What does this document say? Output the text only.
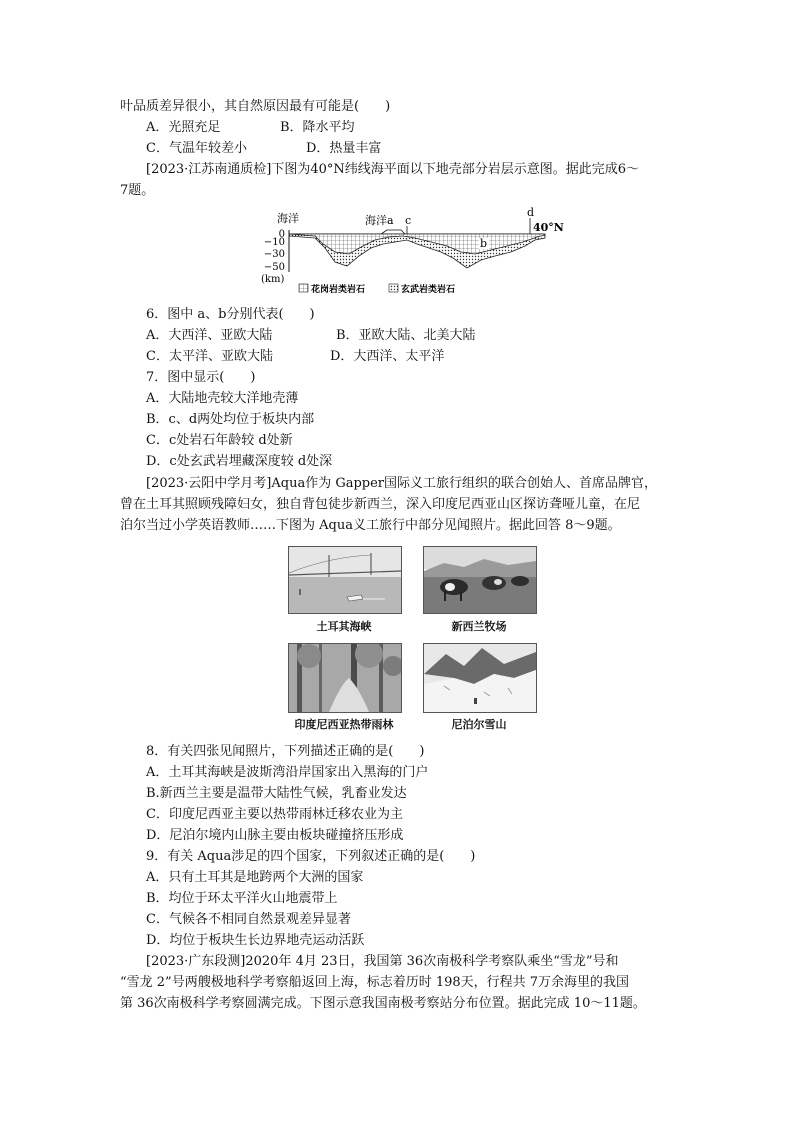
叶品质差异很小，其自然原因最有可能是(　　)
A．光照充足	B．降水平均
C．气温年较差小	D．热量丰富
[2023·江苏南通质检]下图为40°N纬线海平面以下地壳部分岩层示意图。据此完成6～
7题。
0
−10
−30
−50
(km)
海洋	海洋a c
d
b
40°N
花岗岩类岩石	玄武岩类岩石
6．图中 a、b分别代表(　　)
A．大西洋、亚欧大陆	B．亚欧大陆、北美大陆
C．太平洋、亚欧大陆	D．大西洋、太平洋
7．图中显示(　　)
A．大陆地壳较大洋地壳薄
B．c、d两处均位于板块内部
C．c处岩石年龄较 d处新
D．c处玄武岩埋藏深度较 d处深
[2023·云阳中学月考]Aqua作为 Gapper国际义工旅行组织的联合创始人、首席品牌官，
曾在土耳其照顾残障妇女，独自背包徒步新西兰，深入印度尼西亚山区探访聋哑儿童，在尼
泊尔当过小学英语教师……下图为 Aqua义工旅行中部分见闻照片。据此回答 8～9题。
土耳其海峡	新西兰牧场
印度尼西亚热带雨林	尼泊尔雪山
8．有关四张见闻照片，下列描述正确的是(　　)
A．土耳其海峡是波斯湾沿岸国家出入黑海的门户
B.新西兰主要是温带大陆性气候，乳畜业发达
C．印度尼西亚主要以热带雨林迁移农业为主
D．尼泊尔境内山脉主要由板块碰撞挤压形成
9．有关 Aqua涉足的四个国家，下列叙述正确的是(　　)
A．只有土耳其是地跨两个大洲的国家
B．均位于环太平洋火山地震带上
C．气候各不相同自然景观差异显著
D．均位于板块生长边界地壳运动活跃
[2023·广东段测]2020年 4月 23日，我国第 36次南极科学考察队乘坐“雪龙”号和
“雪龙 2”号两艘极地科学考察船返回上海，标志着历时 198天，行程共 7万余海里的我国
第 36次南极科学考察圆满完成。下图示意我国南极考察站分布位置。据此完成 10～11题。
